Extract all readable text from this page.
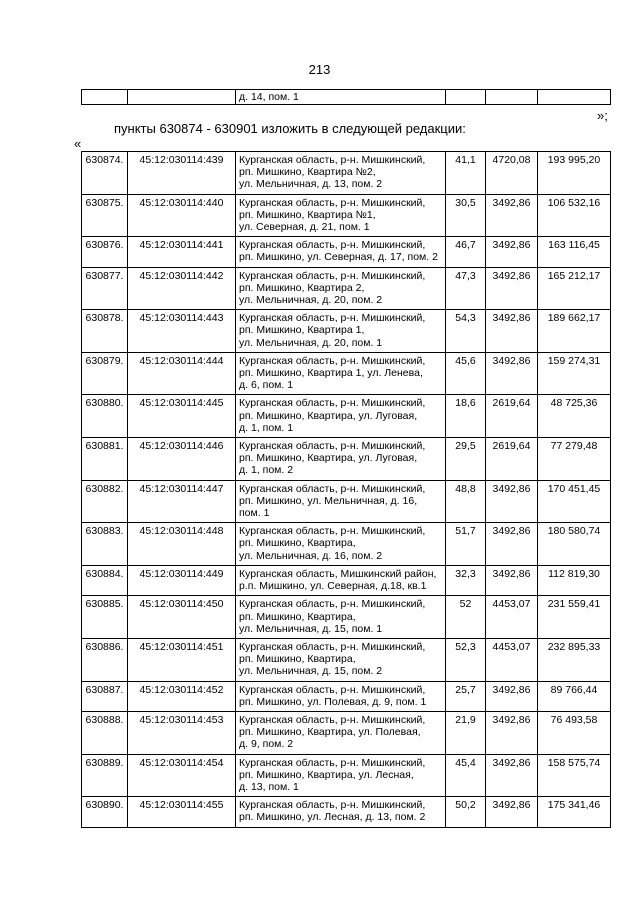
213
		д. 14, пом. 1			
»;
пункты 630874 - 630901 изложить в следующей редакции:
«
630874.	45:12:030114:439	Курганская область, р-н. Мишкинский,
рп. Мишкино, Квартира №2,
ул. Мельничная, д. 13, пом. 2	41,1	4720,08	193 995,20
630875.	45:12:030114:440	Курганская область, р-н. Мишкинский,
рп. Мишкино, Квартира №1,
ул. Северная, д. 21, пом. 1	30,5	3492,86	106 532,16
630876.	45:12:030114:441	Курганская область, р-н. Мишкинский,
рп. Мишкино, ул. Северная, д. 17, пом. 2	46,7	3492,86	163 116,45
630877.	45:12:030114:442	Курганская область, р-н. Мишкинский,
рп. Мишкино, Квартира 2,
ул. Мельничная, д. 20, пом. 2	47,3	3492,86	165 212,17
630878.	45:12:030114:443	Курганская область, р-н. Мишкинский,
рп. Мишкино, Квартира 1,
ул. Мельничная, д. 20, пом. 1	54,3	3492,86	189 662,17
630879.	45:12:030114:444	Курганская область, р-н. Мишкинский,
рп. Мишкино, Квартира 1, ул. Ленева,
д. 6, пом. 1	45,6	3492,86	159 274,31
630880.	45:12:030114:445	Курганская область, р-н. Мишкинский,
рп. Мишкино, Квартира, ул. Луговая,
д. 1, пом. 1	18,6	2619,64	48 725,36
630881.	45:12:030114:446	Курганская область, р-н. Мишкинский,
рп. Мишкино, Квартира, ул. Луговая,
д. 1, пом. 2	29,5	2619,64	77 279,48
630882.	45:12:030114:447	Курганская область, р-н. Мишкинский,
рп. Мишкино, ул. Мельничная, д. 16,
пом. 1	48,8	3492,86	170 451,45
630883.	45:12:030114:448	Курганская область, р-н. Мишкинский,
рп. Мишкино, Квартира,
ул. Мельничная, д. 16, пом. 2	51,7	3492,86	180 580,74
630884.	45:12:030114:449	Курганская область, Мишкинский район,
р.п. Мишкино, ул. Северная, д.18, кв.1	32,3	3492,86	112 819,30
630885.	45:12:030114:450	Курганская область, р-н. Мишкинский,
рп. Мишкино, Квартира,
ул. Мельничная, д. 15, пом. 1	52	4453,07	231 559,41
630886.	45:12:030114:451	Курганская область, р-н. Мишкинский,
рп. Мишкино, Квартира,
ул. Мельничная, д. 15, пом. 2	52,3	4453,07	232 895,33
630887.	45:12:030114:452	Курганская область, р-н. Мишкинский,
рп. Мишкино, ул. Полевая, д. 9, пом. 1	25,7	3492,86	89 766,44
630888.	45:12:030114:453	Курганская область, р-н. Мишкинский,
рп. Мишкино, Квартира, ул. Полевая,
д. 9, пом. 2	21,9	3492,86	76 493,58
630889.	45:12:030114:454	Курганская область, р-н. Мишкинский,
рп. Мишкино, Квартира, ул. Лесная,
д. 13, пом. 1	45,4	3492,86	158 575,74
630890.	45:12:030114:455	Курганская область, р-н. Мишкинский,
рп. Мишкино, ул. Лесная, д. 13, пом. 2	50,2	3492,86	175 341,46
